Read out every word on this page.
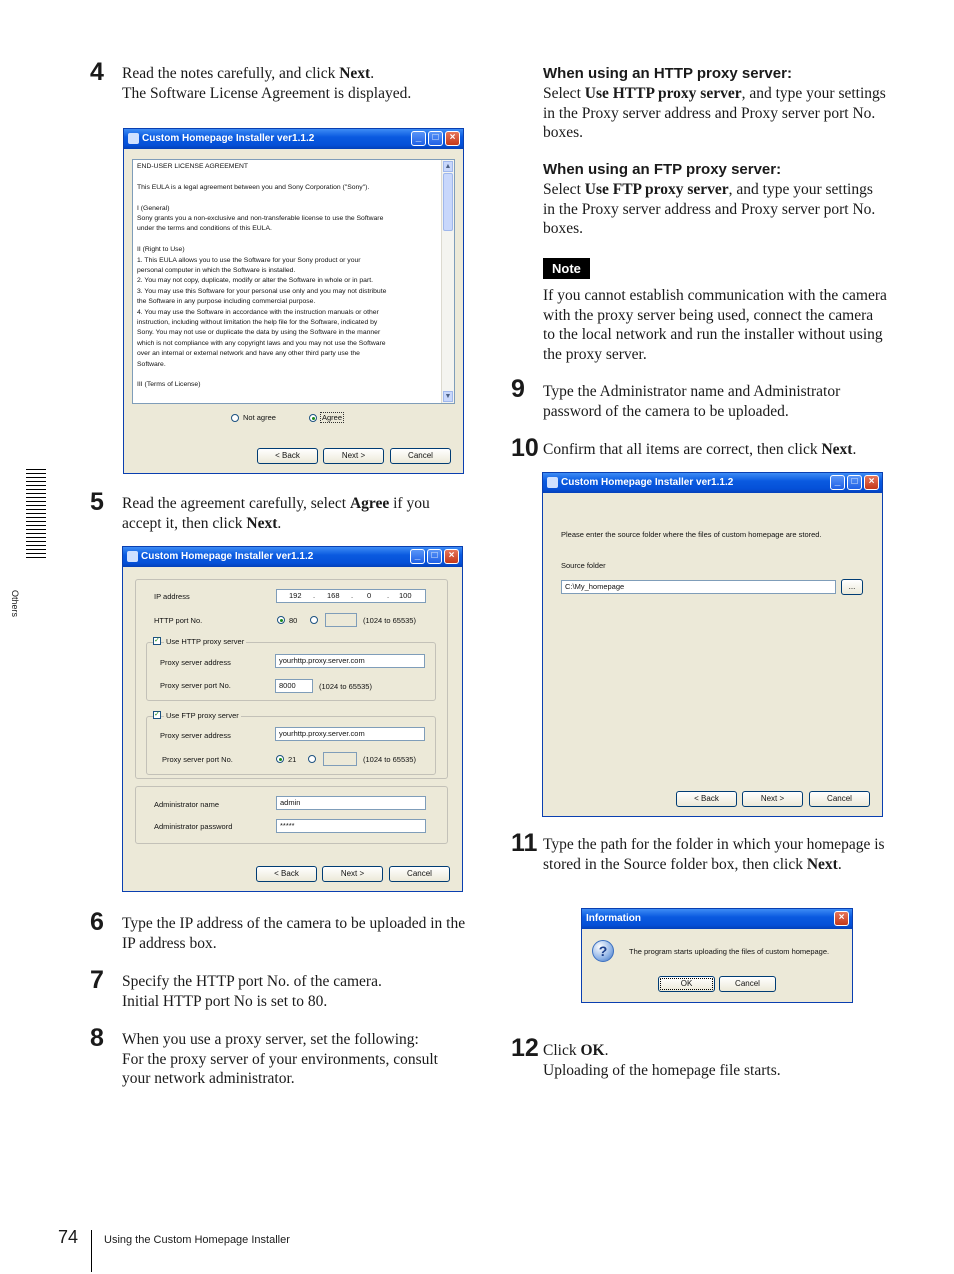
Others
4 Read the notes carefully, and click Next.
The Software License Agreement is displayed.
Custom Homepage Installer ver1.1.2	_	□	×
END-USER LICENSE AGREEMENT
This EULA is a legal agreement between you and Sony Corporation ("Sony").
I (General)
Sony grants you a non-exclusive and non-transferable license to use the Software
under the terms and conditions of this EULA.
II (Right to Use)
1. This EULA allows you to use the Software for your Sony product or your
personal computer in which the Software is installed.
2. You may not copy, duplicate, modify or alter the Software in whole or in part.
3. You may use this Software for your personal use only and you may not distribute
the Software in any purpose including commercial purpose.
4. You may use the Software in accordance with the instruction manuals or other
instruction, including without limitation the help file for the Software, indicated by
Sony. You may not use or duplicate the data by using the Software in the manner
which is not compliance with any copyright laws and you may not use the Software
over an internal or external network and have any other third party use the
Software.
III (Terms of License)
▲
▼
Not agree	Agree
< Back	Next >	Cancel
5 Read the agreement carefully, select Agree if you accept it, then click Next.
Custom Homepage Installer ver1.1.2	_	□	×
IP address	192 . 168 . 0 . 100
HTTP port No.	80	(1024 to 65535)
✓ Use HTTP proxy server
Proxy server address	yourhttp.proxy.server.com
Proxy server port No.	8000	(1024 to 65535)
✓ Use FTP proxy server
Proxy server address	yourhttp.proxy.server.com
Proxy server port No.	21	(1024 to 65535)
Administrator name	admin
Administrator password	*****
< Back	Next >	Cancel
6 Type the IP address of the camera to be uploaded in the IP address box.
7 Specify the HTTP port No. of the camera.
Initial HTTP port No is set to 80.
8 When you use a proxy server, set the following:
For the proxy server of your environments, consult your network administrator.
When using an HTTP proxy server:
Select Use HTTP proxy server, and type your settings in the Proxy server address and Proxy server port No. boxes.
When using an FTP proxy server:
Select Use FTP proxy server, and type your settings in the Proxy server address and Proxy server port No. boxes.
Note
If you cannot establish communication with the camera with the proxy server being used, connect the camera to the local network and run the installer without using the proxy server.
9 Type the Administrator name and Administrator password of the camera to be uploaded.
10 Confirm that all items are correct, then click Next.
Custom Homepage Installer ver1.1.2	_	□	×
Please enter the source folder where the files of custom homepage are stored.
Source folder
C:\My_homepage	...
< Back	Next >	Cancel
11 Type the path for the folder in which your homepage is stored in the Source folder box, then click Next.
Information	×
?	The program starts uploading the files of custom homepage.
OK	Cancel
12 Click OK.
Uploading of the homepage file starts.
74 Using the Custom Homepage Installer
